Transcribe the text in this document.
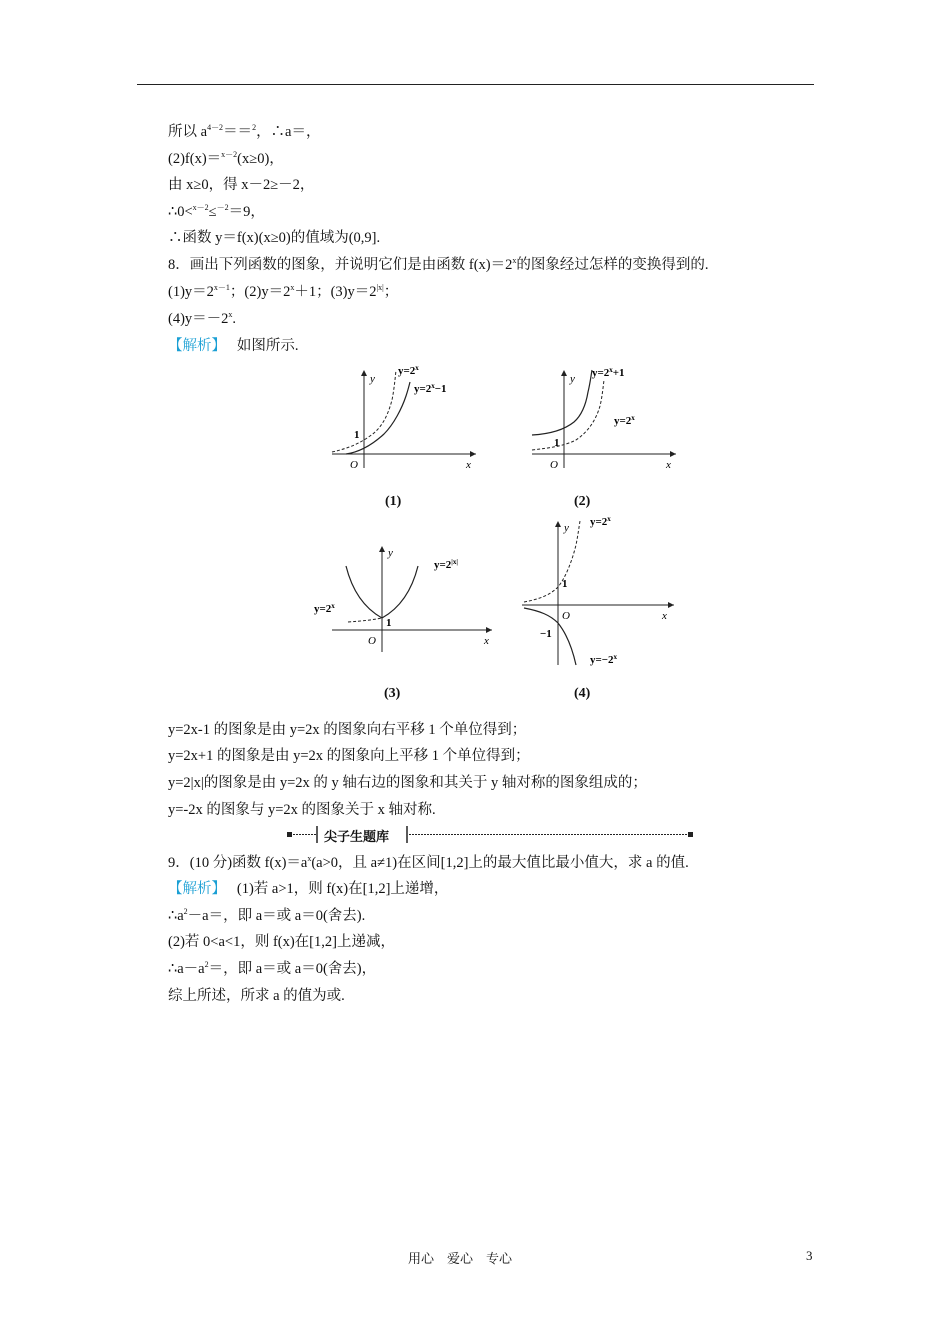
所以 $a^{4-2}==^2$，∴a＝，
(2)f(x)＝$^{x-2}$(x≥0)，
由 x≥0，得 x－2≥－2，
∴0<$^{x-2}$≤$^{-2}$＝9，
∴函数 y＝f(x)(x≥0)的值域为(0,9].
8．画出下列函数的图象，并说明它们是由函数 $f(x)=2^x$的图象经过怎样的变换得到的.
$(1)y=2^{x-1}$；$(2)y=2^x+1$；$(3)y=2^{|x|}$；
$(4)y=-2^x$.
【解析】 如图所示.
$y=2^x$
$y=2^x-1$
y
x
O
1
(1)
$y=2^x+1$
$y=2^x$
y
x
O
1
(2)
$y=2^{|x|}$
$y=2^x$
y
x
O
1
(3)
$y=2^x$
$y=-2^x$
y
x
O
1
−1
(4)
y=2x-1 的图象是由 y=2x 的图象向右平移 1 个单位得到；
y=2x+1 的图象是由 y=2x 的图象向上平移 1 个单位得到；
y=2|x|的图象是由 y=2x 的 y 轴右边的图象和其关于 y 轴对称的图象组成的；
y=-2x 的图象与 y=2x 的图象关于 x 轴对称.
尖子生题库
9．(10 分)函数 $f(x)=a^x(a>0$，且 a≠1)在区间[1,2]上的最大值比最小值大，求 a 的值.
【解析】 (1)若 a>1，则 f(x)在[1,2]上递增，
$\therefore a^2-a=$，即 a＝或 a＝0(舍去).
(2)若 0<a<1，则 f(x)在[1,2]上递减，
$\therefore a-a^2=$，即 a＝或 a＝0(舍去)，
综上所述，所求 a 的值为或.
用心　爱心　专心	3
